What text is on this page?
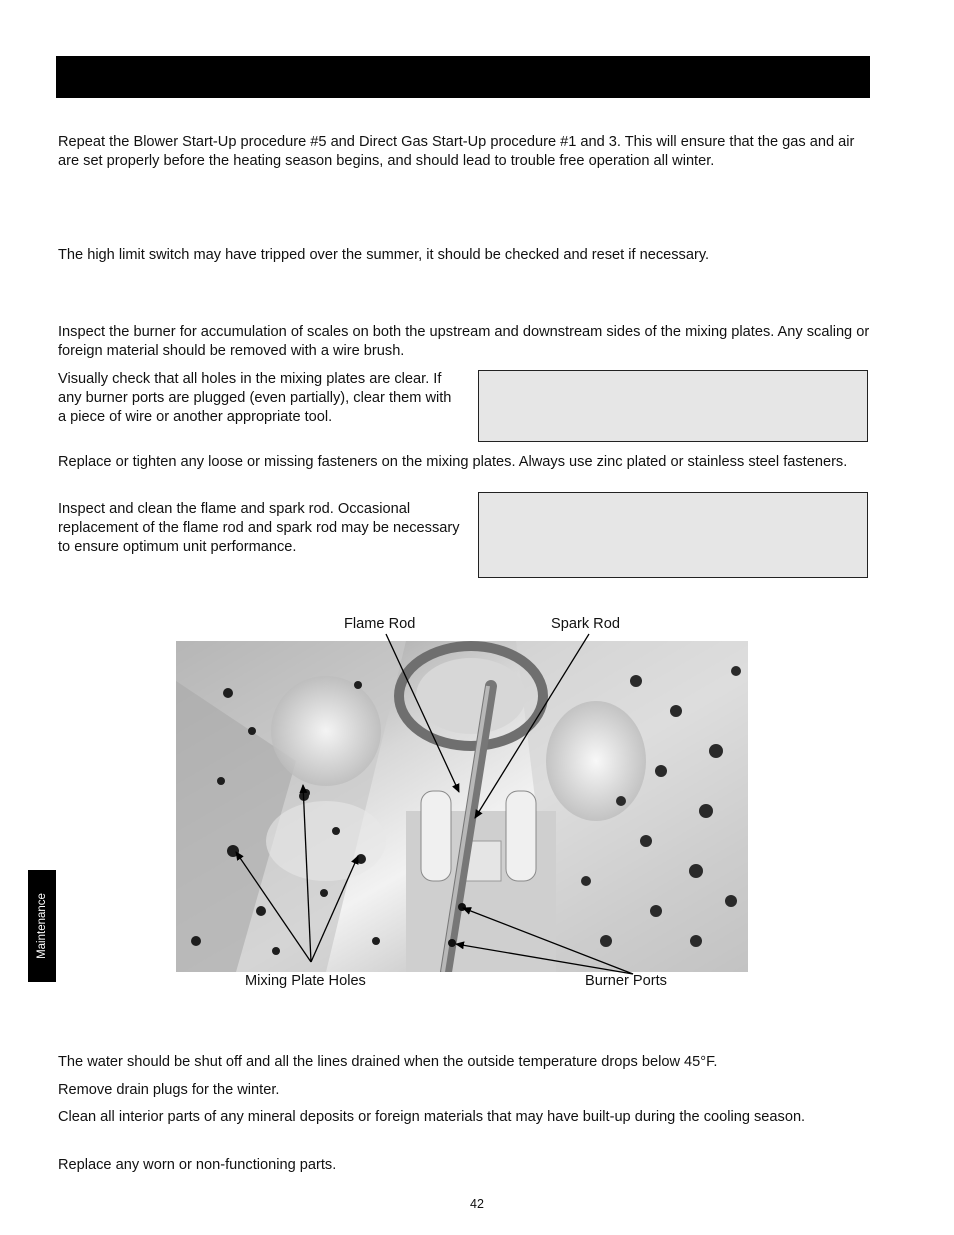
Repeat the Blower Start-Up procedure #5 and Direct Gas Start-Up procedure #1 and 3. This will ensure that the gas and air are set properly before the heating season begins, and should lead to trouble free operation all winter.

The high limit switch may have tripped over the summer, it should be checked and reset if necessary.

Inspect the burner for accumulation of scales on both the upstream and downstream sides of the mixing plates. Any scaling or foreign material should be removed with a wire brush.

Visually check that all holes in the mixing plates are clear. If any burner ports are plugged (even partially), clear them with a piece of wire or another appropriate tool.

Replace or tighten any loose or missing fasteners on the mixing plates. Always use zinc plated or stainless steel fasteners.

Inspect and clean the flame and spark rod. Occasional replacement of the flame rod and spark rod may be necessary to ensure optimum unit performance.

Flame Rod	Spark Rod
Mixing Plate Holes	Burner Ports
Maintenance

The water should be shut off and all the lines drained when the outside temperature drops below 45°F.

Remove drain plugs for the winter.

Clean all interior parts of any mineral deposits or foreign materials that may have built-up during the cooling season.

Replace any worn or non-functioning parts.

42
